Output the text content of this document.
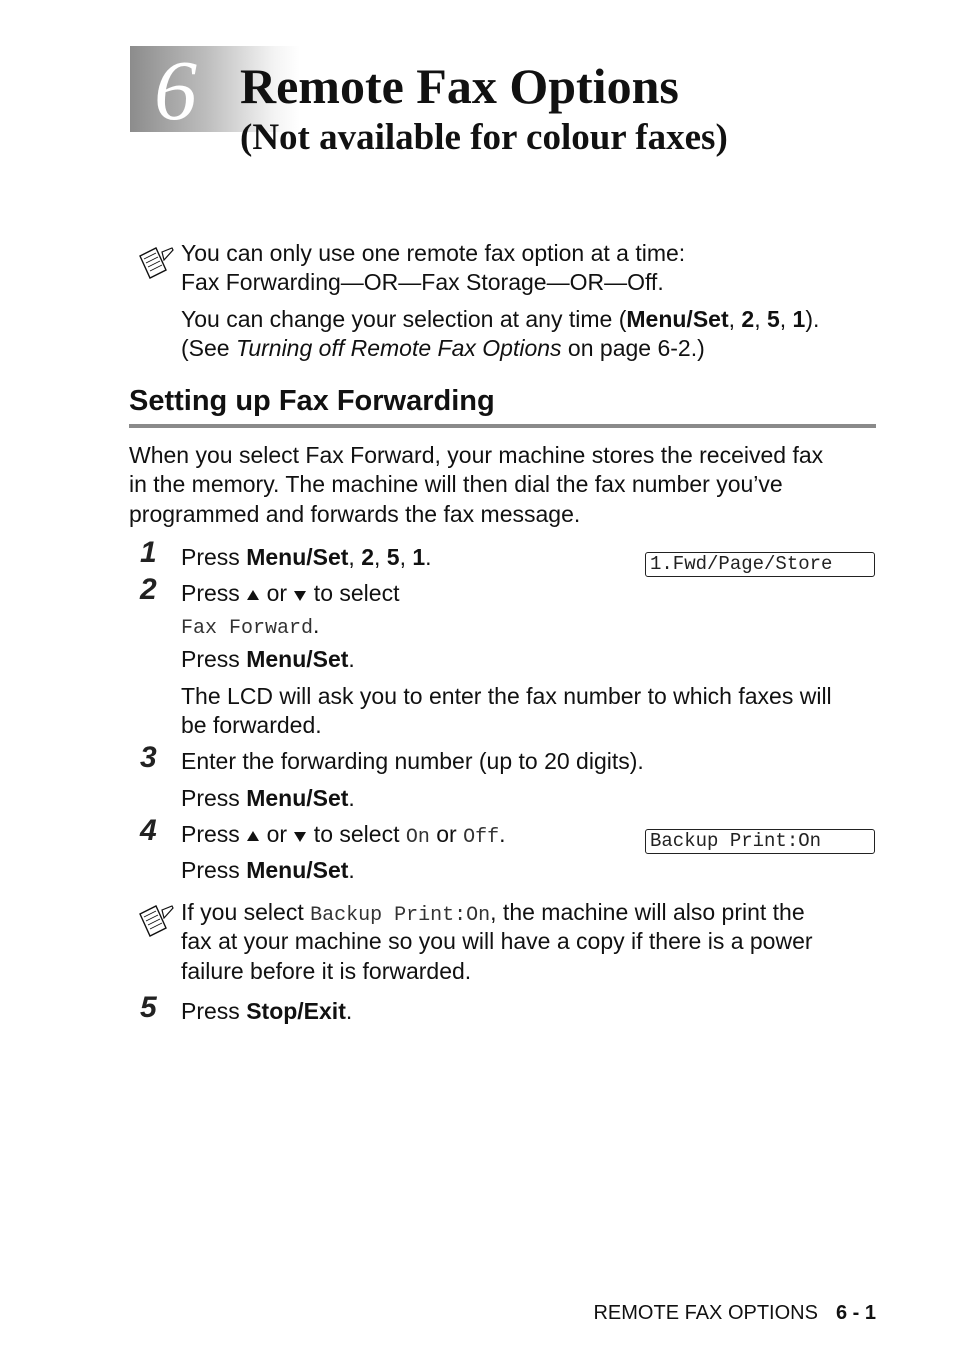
6 Remote Fax Options
(Not available for colour faxes)
You can only use one remote fax option at a time:
Fax Forwarding—OR—Fax Storage—OR—Off.
You can change your selection at any time (Menu/Set, 2, 5, 1).
(See Turning off Remote Fax Options on page 6-2.)
Setting up Fax Forwarding
When you select Fax Forward, your machine stores the received fax
in the memory. The machine will then dial the fax number you’ve
programmed and forwards the fax message.
1 Press Menu/Set, 2, 5, 1.	1.Fwd/Page/Store
2 Press  or  to select
Fax Forward.
Press Menu/Set.
The LCD will ask you to enter the fax number to which faxes will
be forwarded.
3 Enter the forwarding number (up to 20 digits).
Press Menu/Set.
4 Press  or  to select On or Off.	Backup Print:On
Press Menu/Set.
If you select Backup Print:On, the machine will also print the
fax at your machine so you will have a copy if there is a power
failure before it is forwarded.
5 Press Stop/Exit.
REMOTE FAX OPTIONS 6 - 1
